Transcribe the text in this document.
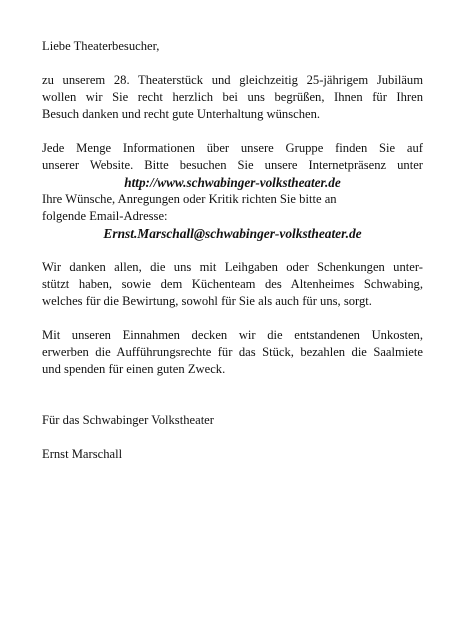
Liebe Theaterbesucher,

zu unserem 28. Theaterstück und gleichzeitig 25-jährigem Jubiläum
wollen wir Sie recht herzlich bei uns begrüßen, Ihnen für Ihren
Besuch danken und recht gute Unterhaltung wünschen.

Jede Menge Informationen über unsere Gruppe finden Sie auf
unserer Website. Bitte besuchen Sie unsere Internetpräsenz unter
http://www.schwabinger-volkstheater.de
Ihre Wünsche, Anregungen oder Kritik richten Sie bitte an
folgende Email-Adresse:
Ernst.Marschall@schwabinger-volkstheater.de

Wir danken allen, die uns mit Leihgaben oder Schenkungen unter-
stützt haben, sowie dem Küchenteam des Altenheimes Schwabing,
welches für die Bewirtung, sowohl für Sie als auch für uns, sorgt.

Mit unseren Einnahmen decken wir die entstandenen Unkosten,
erwerben die Aufführungsrechte für das Stück, bezahlen die Saalmiete
und spenden für einen guten Zweck.

Für das Schwabinger Volkstheater

Ernst Marschall
